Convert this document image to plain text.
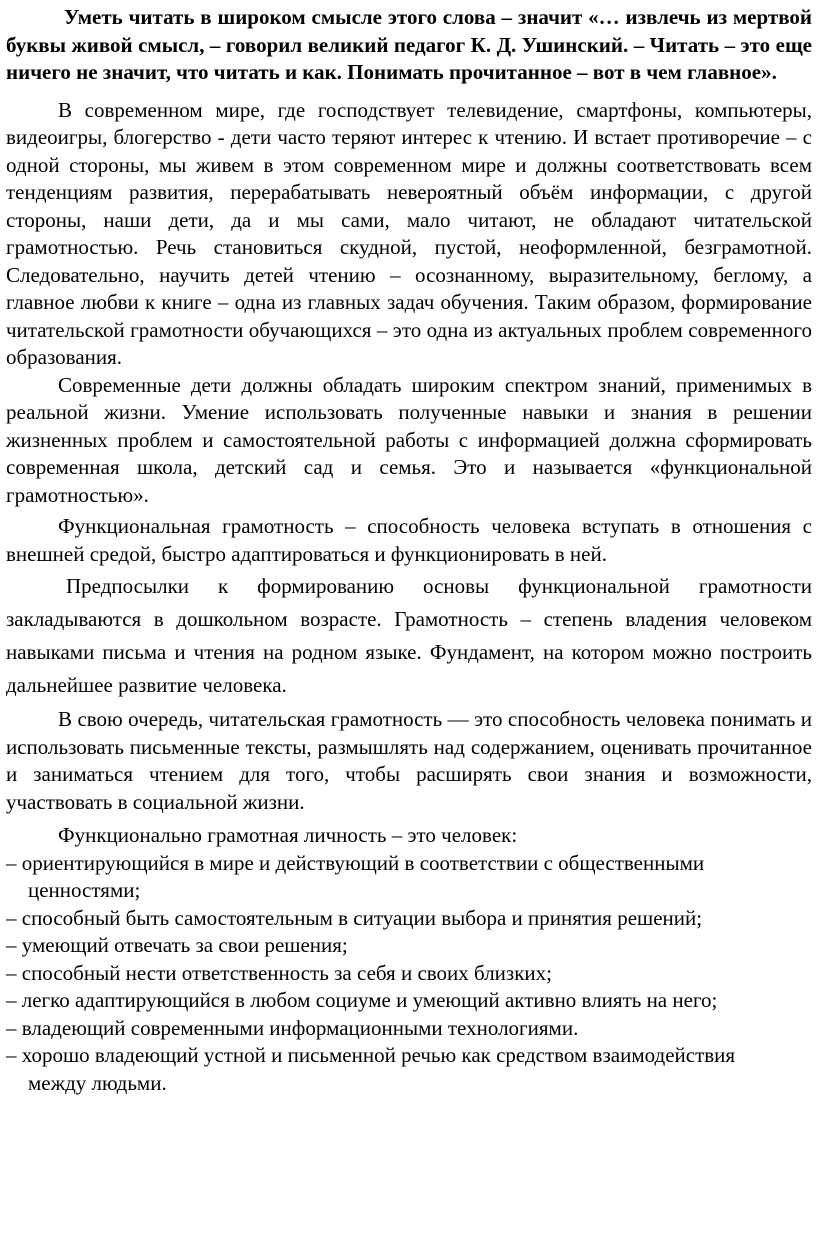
Уметь читать в широком смысле этого слова – значит «… извлечь из мертвой буквы живой смысл, – говорил великий педагог К. Д. Ушинский. – Читать – это еще ничего не значит, что читать и как. Понимать прочитанное – вот в чем главное».

В современном мире, где господствует телевидение, смартфоны, компьютеры, видеоигры, блогерство - дети часто теряют интерес к чтению. И встает противоречие – с одной стороны, мы живем в этом современном мире и должны соответствовать всем тенденциям развития, перерабатывать невероятный объём информации, с другой стороны, наши дети, да и мы сами, мало читают, не обладают читательской грамотностью. Речь становиться скудной, пустой, неоформленной, безграмотной. Следовательно, научить детей чтению – осознанному, выразительному, беглому, а главное любви к книге – одна из главных задач обучения. Таким образом, формирование читательской грамотности обучающихся – это одна из актуальных проблем современного образования.

Современные дети должны обладать широким спектром знаний, применимых в реальной жизни. Умение использовать полученные навыки и знания в решении жизненных проблем и самостоятельной работы с информацией должна сформировать современная школа, детский сад и семья. Это и называется «функциональной грамотностью».

Функциональная грамотность – способность человека вступать в отношения с внешней средой, быстро адаптироваться и функционировать в ней.

Предпосылки к формированию основы функциональной грамотности закладываются в дошкольном возрасте. Грамотность – степень владения человеком навыками письма и чтения на родном языке. Фундамент, на котором можно построить дальнейшее развитие человека.

В свою очередь, читательская грамотность — это способность человека понимать и использовать письменные тексты, размышлять над содержанием, оценивать прочитанное и заниматься чтением для того, чтобы расширять свои знания и возможности, участвовать в социальной жизни.

Функционально грамотная личность – это человек:

– ориентирующийся в мире и действующий в соответствии с общественными ценностями;
– способный быть самостоятельным в ситуации выбора и принятия решений;
– умеющий отвечать за свои решения;
– способный нести ответственность за себя и своих близких;
– легко адаптирующийся в любом социуме и умеющий активно влиять на него;
– владеющий современными информационными технологиями.
– хорошо владеющий устной и письменной речью как средством взаимодействия между людьми.
